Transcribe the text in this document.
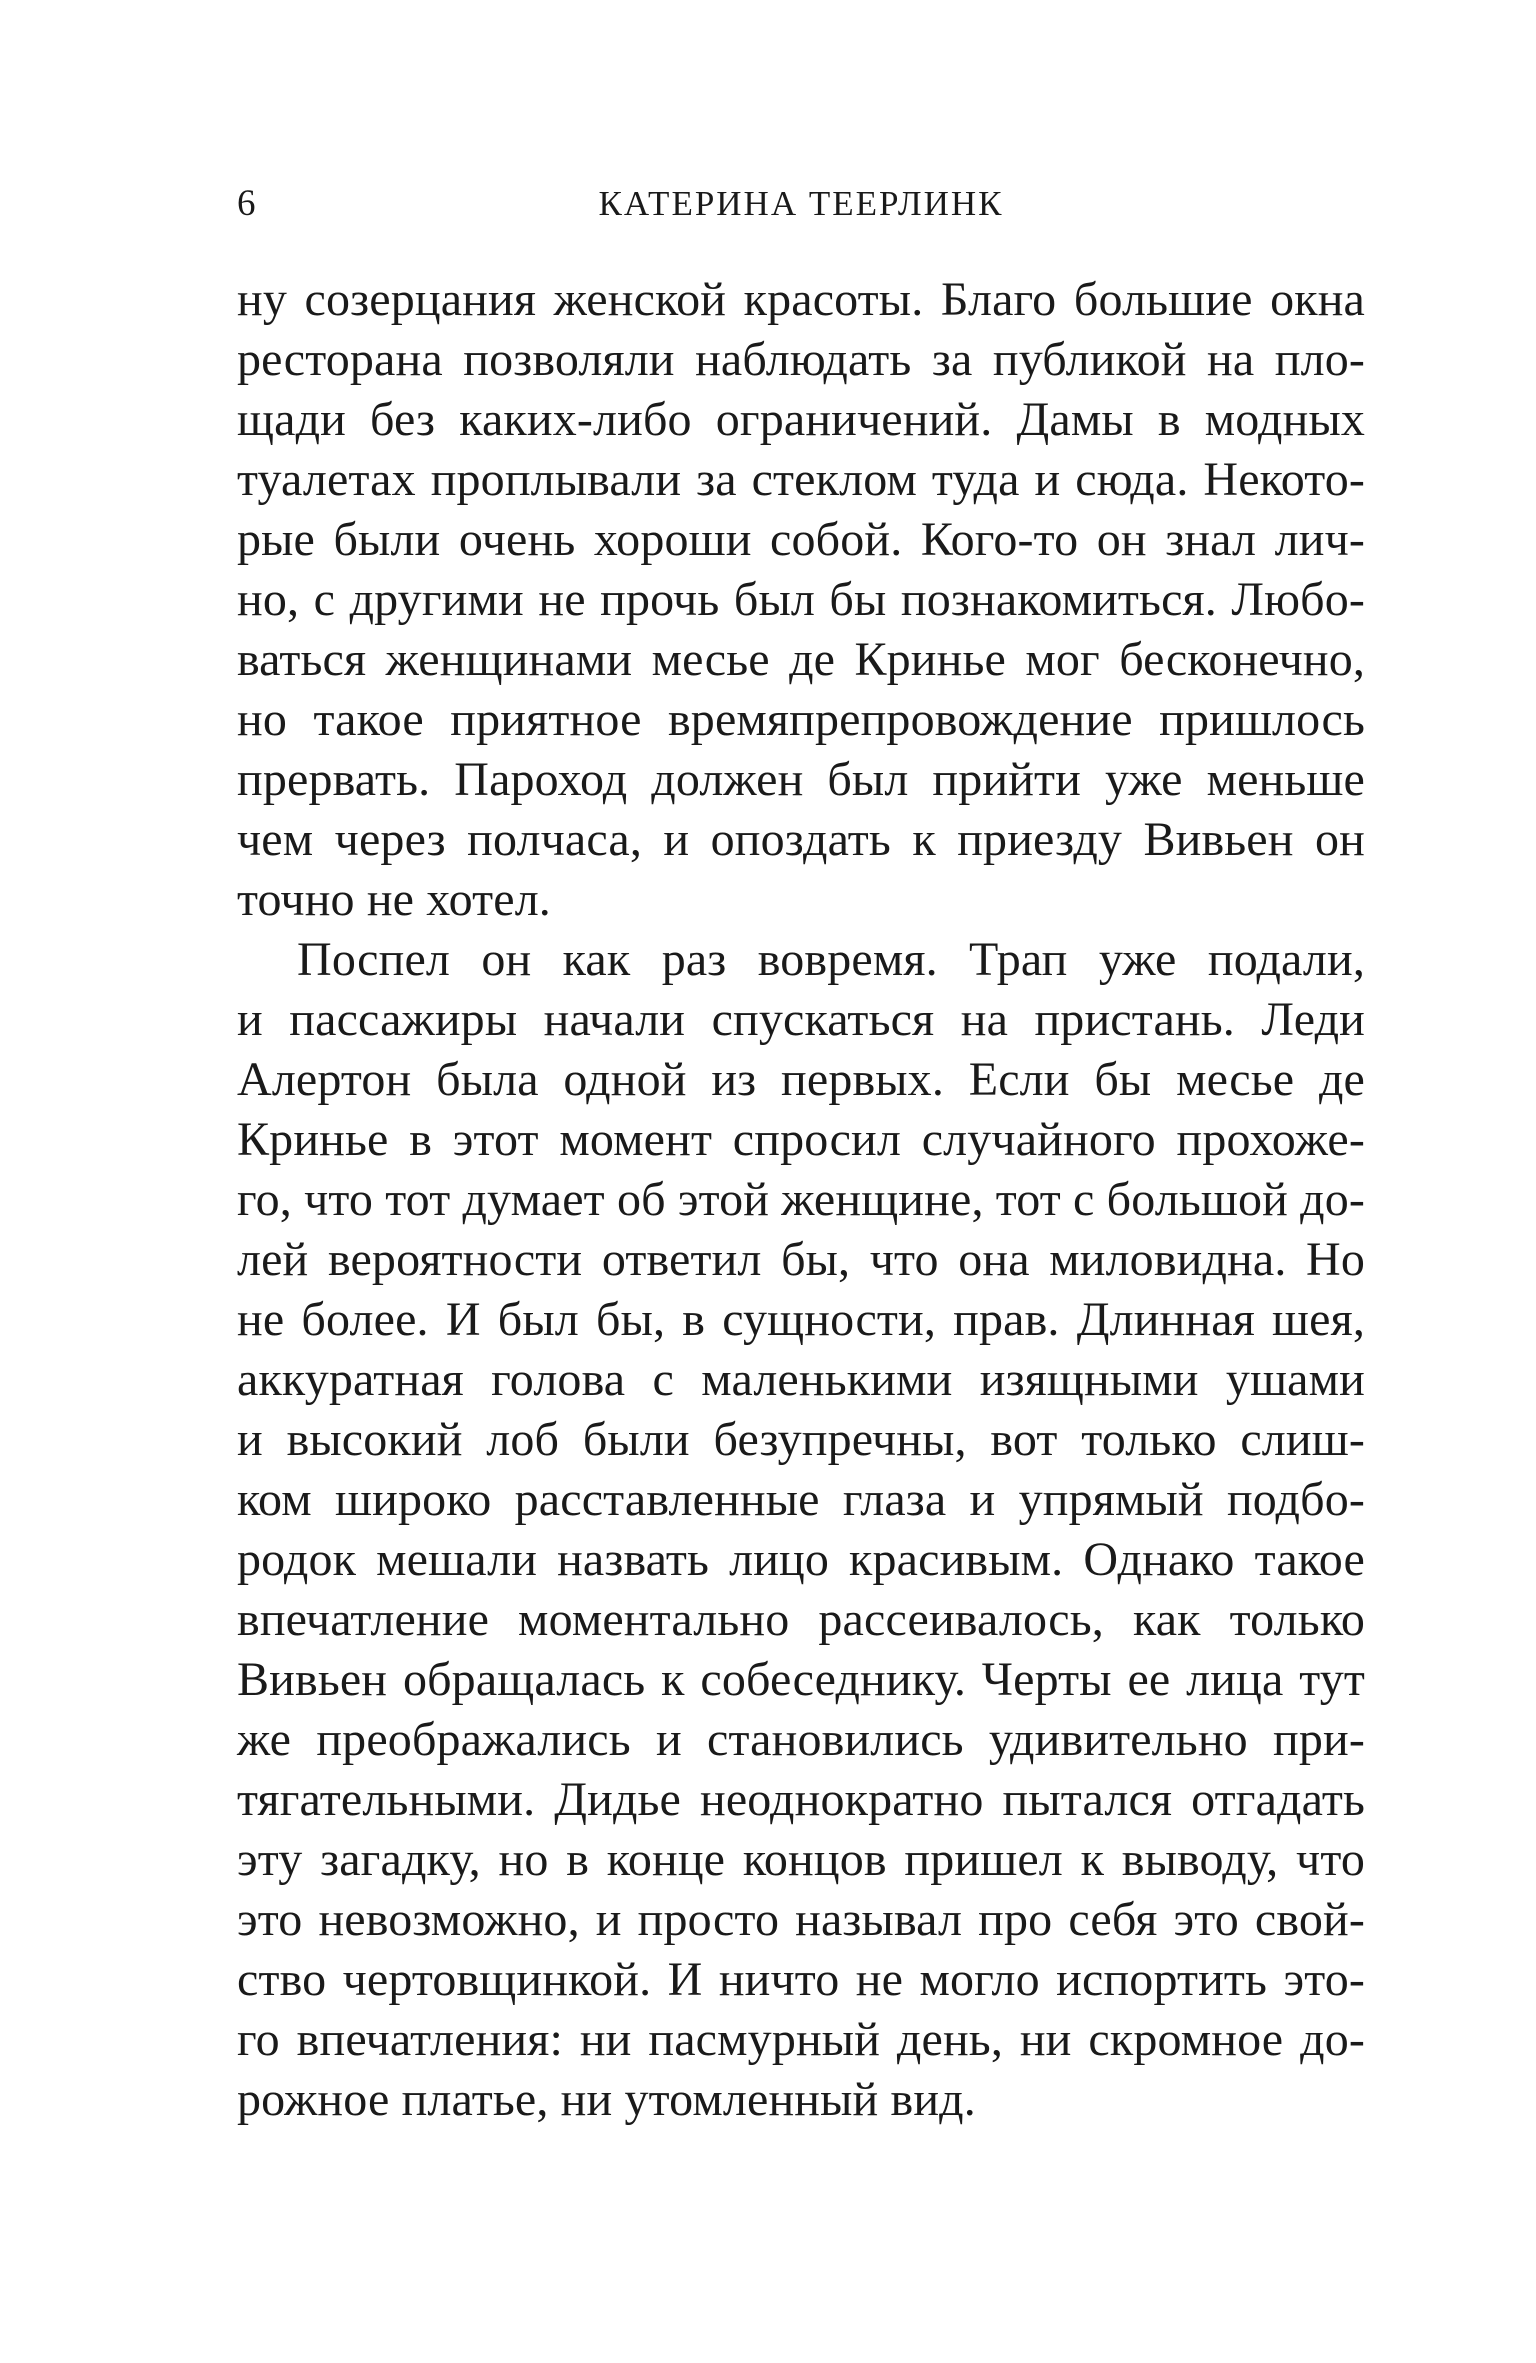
6	КАТЕРИНА ТЕЕРЛИНК
ну созерцания женской красоты. Благо большие окна
ресторана позволяли наблюдать за публикой на пло-
щади без каких-либо ограничений. Дамы в модных
туалетах проплывали за стеклом туда и сюда. Некото-
рые были очень хороши собой. Кого-то он знал лич-
но, с другими не прочь был бы познакомиться. Любо-
ваться женщинами месье де Кринье мог бесконечно,
но такое приятное времяпрепровождение пришлось
прервать. Пароход должен был прийти уже меньше
чем через полчаса, и опоздать к приезду Вивьен он
точно не хотел.
Поспел он как раз вовремя. Трап уже подали,
и пассажиры начали спускаться на пристань. Леди
Алертон была одной из первых. Если бы месье де
Кринье в этот момент спросил случайного прохоже-
го, что тот думает об этой женщине, тот с большой до-
лей вероятности ответил бы, что она миловидна. Но
не более. И был бы, в сущности, прав. Длинная шея,
аккуратная голова с маленькими изящными ушами
и высокий лоб были безупречны, вот только слиш-
ком широко расставленные глаза и упрямый подбо-
родок мешали назвать лицо красивым. Однако такое
впечатление моментально рассеивалось, как только
Вивьен обращалась к собеседнику. Черты ее лица тут
же преображались и становились удивительно при-
тягательными. Дидье неоднократно пытался отгадать
эту загадку, но в конце концов пришел к выводу, что
это невозможно, и просто называл про себя это свой-
ство чертовщинкой. И ничто не могло испортить это-
го впечатления: ни пасмурный день, ни скромное до-
рожное платье, ни утомленный вид.
